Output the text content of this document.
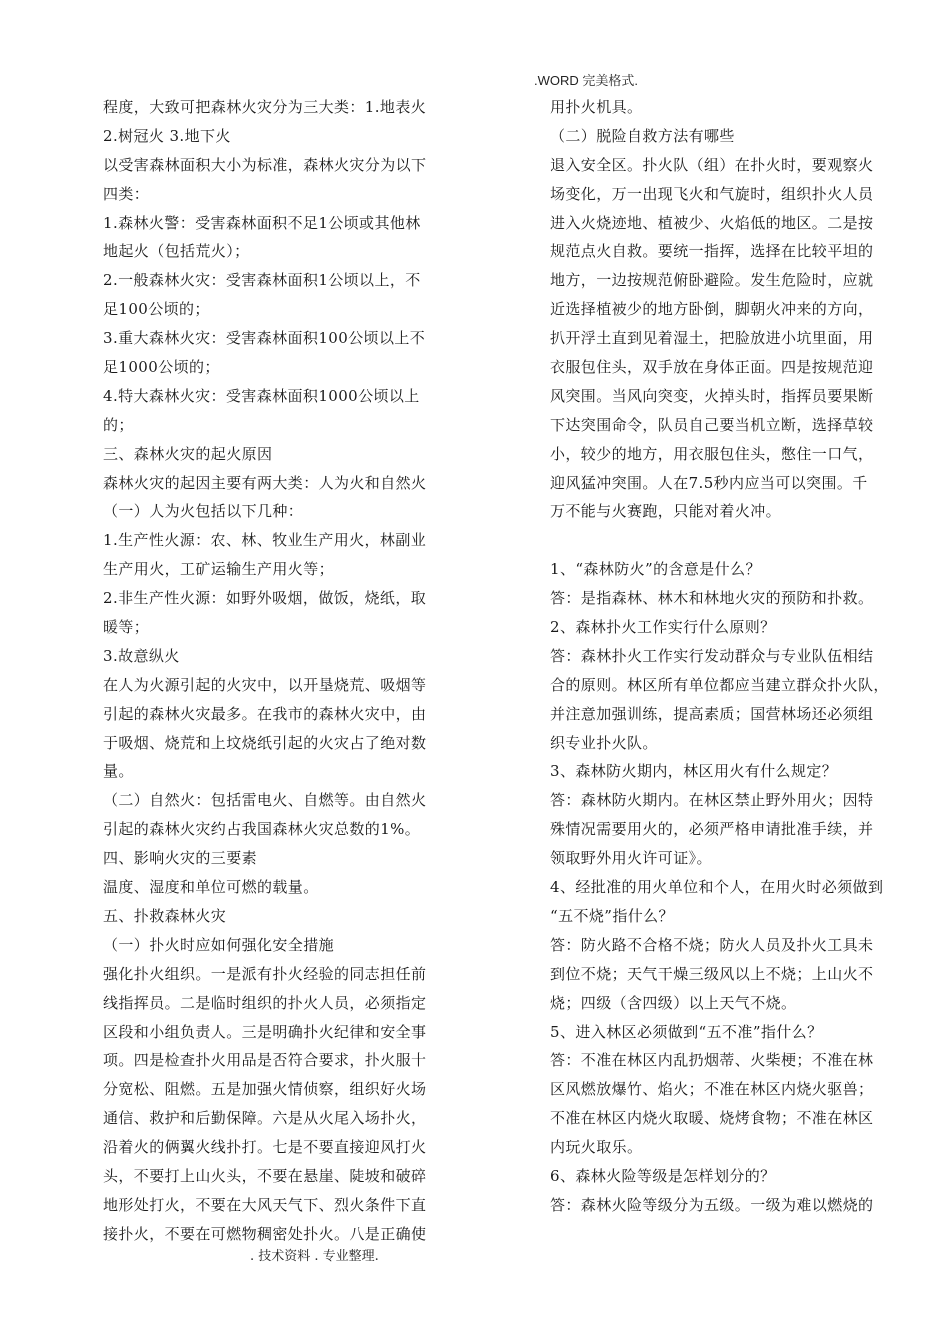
.WORD 完美格式.
程度，大致可把森林火灾分为三大类：1.地表火
2.树冠火 3.地下火
以受害森林面积大小为标准，森林火灾分为以下
四类：
1.森林火警：受害森林面积不足1公顷或其他林
地起火（包括荒火）；
2.一般森林火灾：受害森林面积1公顷以上，不
足100公顷的；
3.重大森林火灾：受害森林面积100公顷以上不
足1000公顷的；
4.特大森林火灾：受害森林面积1000公顷以上
的；
三、森林火灾的起火原因
森林火灾的起因主要有两大类：人为火和自然火
（一）人为火包括以下几种：
1.生产性火源：农、林、牧业生产用火，林副业
生产用火，工矿运输生产用火等；
2.非生产性火源：如野外吸烟，做饭，烧纸，取
暖等；
3.故意纵火
在人为火源引起的火灾中，以开垦烧荒、吸烟等
引起的森林火灾最多。在我市的森林火灾中，由
于吸烟、烧荒和上坟烧纸引起的火灾占了绝对数
量。
（二）自然火：包括雷电火、自燃等。由自然火
引起的森林火灾约占我国森林火灾总数的1%。
四、影响火灾的三要素
温度、湿度和单位可燃的载量。
五、扑救森林火灾
（一）扑火时应如何强化安全措施
强化扑火组织。一是派有扑火经验的同志担任前
线指挥员。二是临时组织的扑火人员，必须指定
区段和小组负责人。三是明确扑火纪律和安全事
项。四是检查扑火用品是否符合要求，扑火服十
分宽松、阻燃。五是加强火情侦察，组织好火场
通信、救护和后勤保障。六是从火尾入场扑火，
沿着火的俩翼火线扑打。七是不要直接迎风打火
头，不要打上山火头，不要在悬崖、陡坡和破碎
地形处打火，不要在大风天气下、烈火条件下直
接扑火，不要在可燃物稠密处扑火。八是正确使
用扑火机具。
（二）脱险自救方法有哪些
退入安全区。扑火队（组）在扑火时，要观察火
场变化，万一出现飞火和气旋时，组织扑火人员
进入火烧迹地、植被少、火焰低的地区。二是按
规范点火自救。要统一指挥，选择在比较平坦的
地方，一边按规范俯卧避险。发生危险时，应就
近选择植被少的地方卧倒，脚朝火冲来的方向，
扒开浮土直到见着湿土，把脸放进小坑里面，用
衣服包住头，双手放在身体正面。四是按规范迎
风突围。当风向突变，火掉头时，指挥员要果断
下达突围命令，队员自己要当机立断，选择草较
小，较少的地方，用衣服包住头，憋住一口气，
迎风猛冲突围。人在7.5秒内应当可以突围。千
万不能与火赛跑，只能对着火冲。
1、“森林防火”的含意是什么？
答：是指森林、林木和林地火灾的预防和扑救。
2、森林扑火工作实行什么原则？
答：森林扑火工作实行发动群众与专业队伍相结
合的原则。林区所有单位都应当建立群众扑火队，
并注意加强训练，提高素质；国营林场还必须组
织专业扑火队。
3、森林防火期内，林区用火有什么规定？
答：森林防火期内。在林区禁止野外用火；因特
殊情况需要用火的，必须严格申请批准手续，并
领取野外用火许可证》。
4、经批准的用火单位和个人，在用火时必须做到
“五不烧”指什么？
答：防火路不合格不烧；防火人员及扑火工具未
到位不烧；天气干燥三级风以上不烧；上山火不
烧；四级（含四级）以上天气不烧。
5、进入林区必须做到“五不准”指什么？
答：不准在林区内乱扔烟蒂、火柴梗；不准在林
区风燃放爆竹、焰火；不准在林区内烧火驱兽；
不准在林区内烧火取暖、烧烤食物；不准在林区
内玩火取乐。
6、森林火险等级是怎样划分的？
答：森林火险等级分为五级。一级为难以燃烧的
. 技术资料 . 专业整理.
